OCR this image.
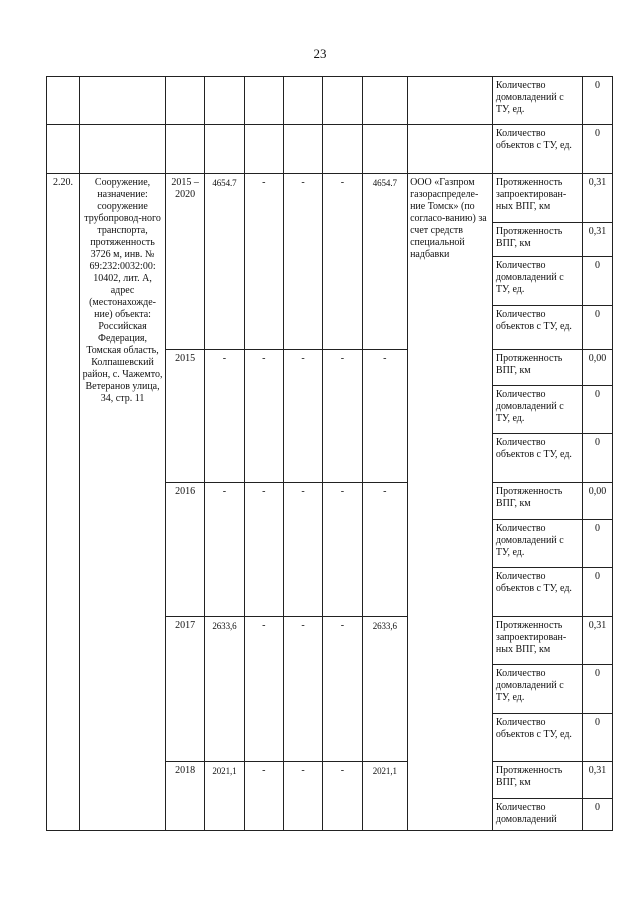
23
									Количество домовладений с ТУ, ед.	0
									Количество объектов с ТУ, ед.	0
2.20.	Сооружение, назначение: сооружение трубопровод-ного транспорта, протяженность 3726 м, инв. № 69:232:0032:00: 10402, лит. А, адрес (местонахожде-ние) объекта: Российская Федерация, Томская область, Колпашевский район, с. Чажемто, Ветеранов улица, 34, стр. 11	2015 – 2020	4654.7	-	-	-	4654.7	ООО «Газпром газораспределе-ние Томск» (по согласо-ванию) за счет средств специальной надбавки	Протяженность запроектирован-ных ВПГ, км	0,31
									Протяженность ВПГ, км	0,31
									Количество домовладений с ТУ, ед.	0
									Количество объектов с ТУ, ед.	0
		2015	-	-	-	-	-		Протяженность ВПГ, км	0,00
									Количество домовладений с ТУ, ед.	0
									Количество объектов с ТУ, ед.	0
		2016	-	-	-	-	-		Протяженность ВПГ, км	0,00
									Количество домовладений с ТУ, ед.	0
									Количество объектов с ТУ, ед.	0
		2017	2633,6	-	-	-	2633,6		Протяженность запроектирован-ных ВПГ, км	0,31
									Количество домовладений с ТУ, ед.	0
									Количество объектов с ТУ, ед.	0
		2018	2021,1	-	-	-	2021,1		Протяженность ВПГ, км	0,31
									Количество домовладений	0
